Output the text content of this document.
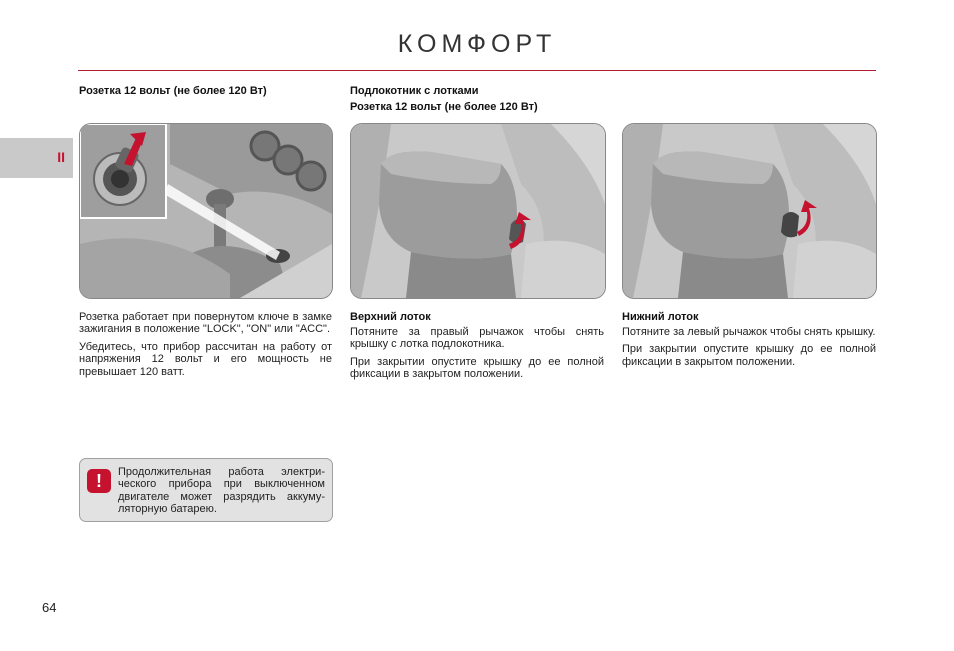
КОМФОРТ
II
Розетка 12 вольт (не более 120 Вт)

Розетка работает при повернутом ключе в замке зажигания в положение "LOCK", "ON" или "ACC".

Убедитесь, что прибор рассчитан на работу от напряжения 12 вольт и его мощность не превышает 120 ватт.

!	Продолжительная работа электри-ческого прибора при выключенном двигателе может разрядить аккуму-ляторную батарею.
Подлокотник с лотками
Розетка 12 вольт (не более 120 Вт)
Верхний лоток

Потяните за правый рычажок чтобы снять крышку с лотка подлокотника.

При закрытии опустите крышку до ее полной фиксации в закрытом положении.

Нижний лоток

Потяните за левый рычажок чтобы снять крышку.

При закрытии опустите крышку до ее полной фиксации в закрытом положении.

64
